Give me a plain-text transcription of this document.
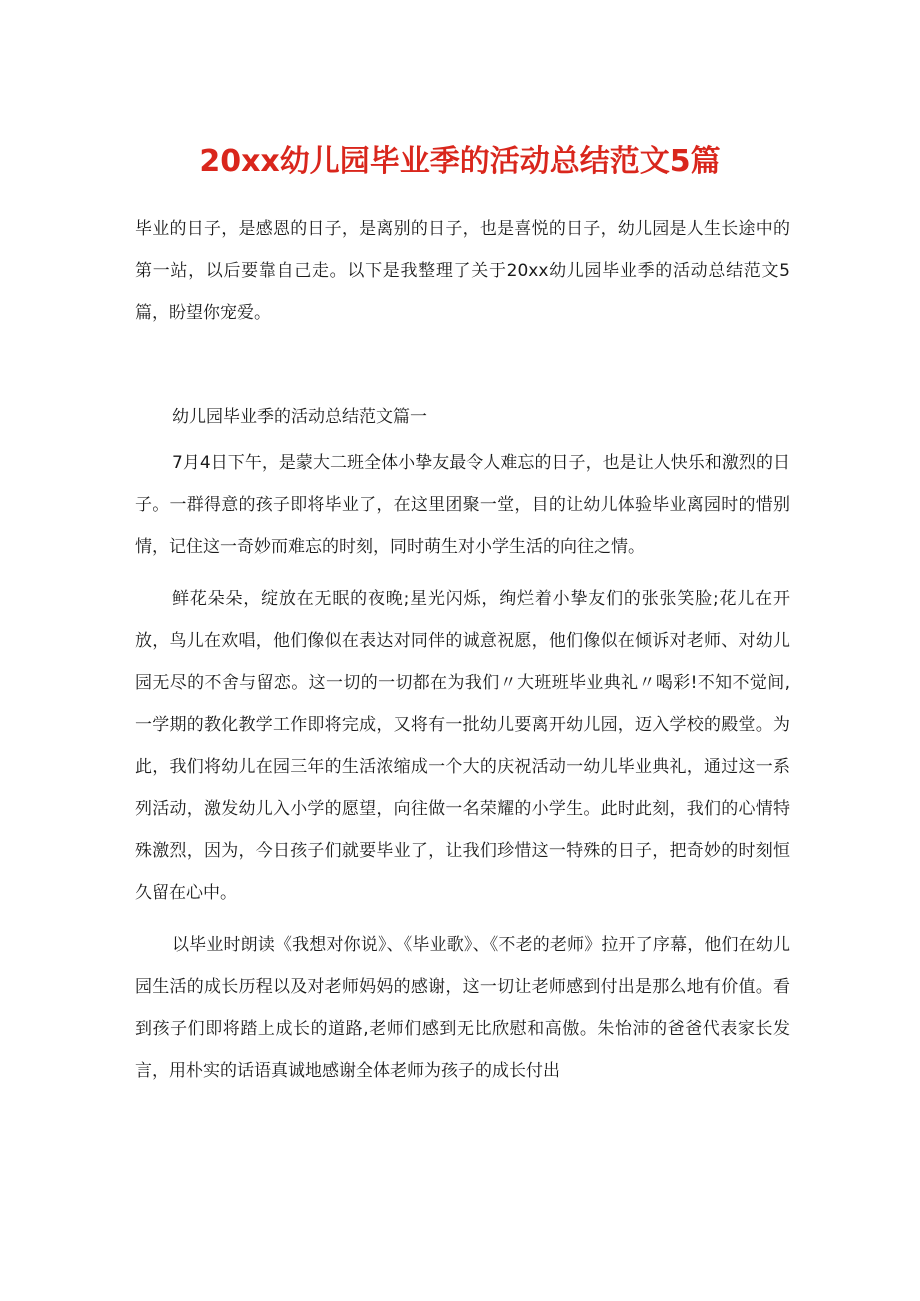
20xx幼儿园毕业季的活动总结范文5篇

毕业的日子，是感恩的日子，是离别的日子，也是喜悦的日子，幼儿园是人生长途中的第一站，以后要靠自己走。以下是我整理了关于20xx幼儿园毕业季的活动总结范文5篇，盼望你宠爱。

幼儿园毕业季的活动总结范文篇一

7月4日下午，是蒙大二班全体小挚友最令人难忘的日子，也是让人快乐和激烈的日子。一群得意的孩子即将毕业了，在这里团聚一堂，目的让幼儿体验毕业离园时的惜别情，记住这一奇妙而难忘的时刻，同时萌生对小学生活的向往之情。

鲜花朵朵，绽放在无眠的夜晚;星光闪烁，绚烂着小挚友们的张张笑脸;花儿在开放，鸟儿在欢唱，他们像似在表达对同伴的诚意祝愿，他们像似在倾诉对老师、对幼儿园无尽的不舍与留恋。这一切的一切都在为我们〃大班班毕业典礼〃喝彩!不知不觉间,一学期的教化教学工作即将完成，又将有一批幼儿要离开幼儿园，迈入学校的殿堂。为此，我们将幼儿在园三年的生活浓缩成一个大的庆祝活动一幼儿毕业典礼，通过这一系列活动，激发幼儿入小学的愿望，向往做一名荣耀的小学生。此时此刻，我们的心情特殊激烈，因为，今日孩子们就要毕业了，让我们珍惜这一特殊的日子，把奇妙的时刻恒久留在心中。

以毕业时朗读《我想对你说》、《毕业歌》、《不老的老师》拉开了序幕，他们在幼儿园生活的成长历程以及对老师妈妈的感谢，这一切让老师感到付出是那么地有价值。看到孩子们即将踏上成长的道路,老师们感到无比欣慰和高傲。朱怡沛的爸爸代表家长发言，用朴实的话语真诚地感谢全体老师为孩子的成长付出
